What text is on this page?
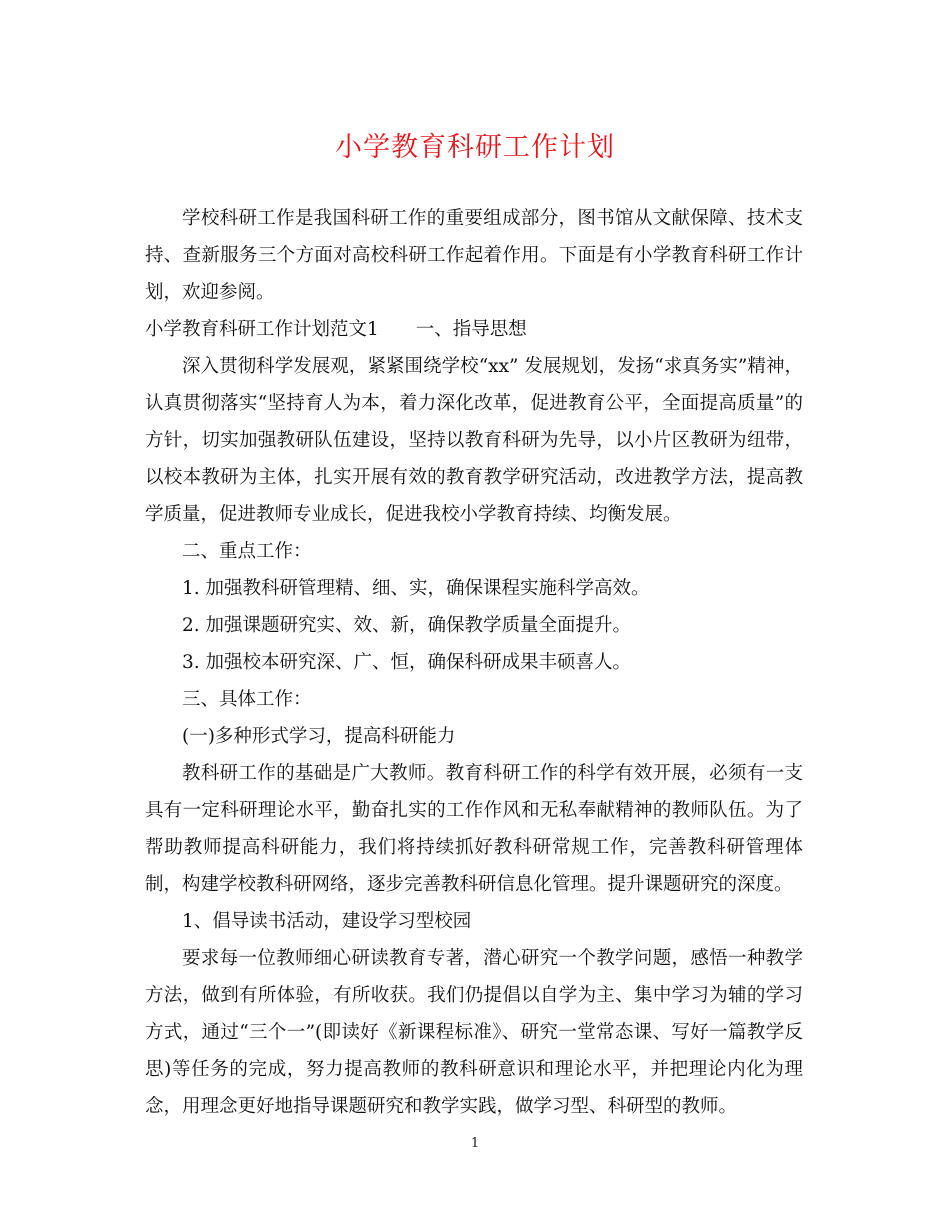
小学教育科研工作计划

学校科研工作是我国科研工作的重要组成部分，图书馆从文献保障、技术支持、查新服务三个方面对高校科研工作起着作用。下面是有小学教育科研工作计划，欢迎参阅。

小学教育科研工作计划范文1　　一、指导思想

深入贯彻科学发展观，紧紧围绕学校“xx” 发展规划，发扬“求真务实”精神，认真贯彻落实“坚持育人为本，着力深化改革，促进教育公平，全面提高质量”的方针，切实加强教研队伍建设，坚持以教育科研为先导，以小片区教研为纽带，以校本教研为主体，扎实开展有效的教育教学研究活动，改进教学方法，提高教学质量，促进教师专业成长，促进我校小学教育持续、均衡发展。

二、重点工作：

1. 加强教科研管理精、细、实，确保课程实施科学高效。

2. 加强课题研究实、效、新，确保教学质量全面提升。

3. 加强校本研究深、广、恒，确保科研成果丰硕喜人。

三、具体工作：

(一)多种形式学习，提高科研能力

教科研工作的基础是广大教师。教育科研工作的科学有效开展，必须有一支具有一定科研理论水平，勤奋扎实的工作作风和无私奉献精神的教师队伍。为了帮助教师提高科研能力，我们将持续抓好教科研常规工作，完善教科研管理体制，构建学校教科研网络，逐步完善教科研信息化管理。提升课题研究的深度。

1、倡导读书活动，建设学习型校园

要求每一位教师细心研读教育专著，潜心研究一个教学问题，感悟一种教学方法，做到有所体验，有所收获。我们仍提倡以自学为主、集中学习为辅的学习方式，通过“三个一”(即读好《新课程标准》、研究一堂常态课、写好一篇教学反思)等任务的完成，努力提高教师的教科研意识和理论水平，并把理论内化为理念，用理念更好地指导课题研究和教学实践，做学习型、科研型的教师。

1
